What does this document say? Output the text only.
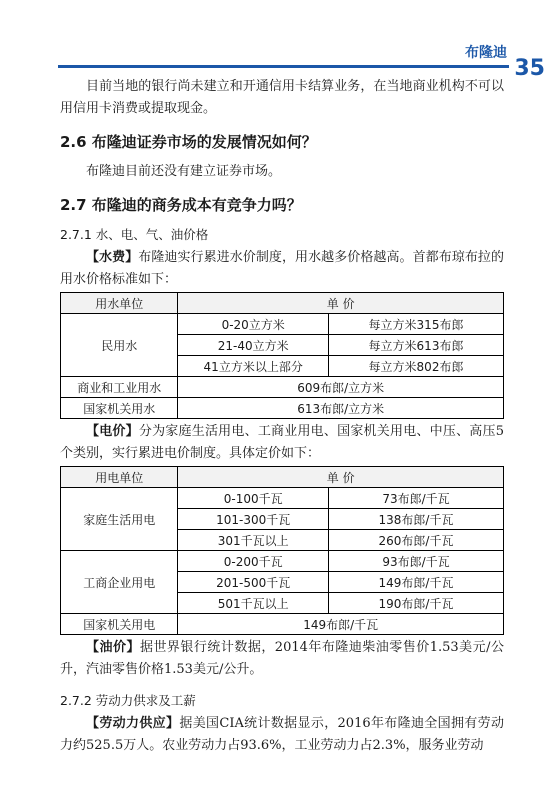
布隆迪
35

目前当地的银行尚未建立和开通信用卡结算业务，在当地商业机构不可以用信用卡消费或提取现金。

2.6 布隆迪证券市场的发展情况如何？

布隆迪目前还没有建立证券市场。

2.7 布隆迪的商务成本有竞争力吗？
2.7.1 水、电、气、油价格

【水费】布隆迪实行累进水价制度，用水越多价格越高。首都布琼布拉的用水价格标准如下：

用水单位	单 价	
民用水	0-20立方米	每立方米315布郎
	21-40立方米	每立方米613布郎
	41立方米以上部分	每立方米802布郎
商业和工业用水	609布郎/立方米	
国家机关用水	613布郎/立方米	

【电价】分为家庭生活用电、工商业用电、国家机关用电、中压、高压5个类别，实行累进电价制度。具体定价如下：

用电单位	单 价	
家庭生活用电	0-100千瓦	73布郎/千瓦
	101-300千瓦	138布郎/千瓦
	301千瓦以上	260布郎/千瓦
工商企业用电	0-200千瓦	93布郎/千瓦
	201-500千瓦	149布郎/千瓦
	501千瓦以上	190布郎/千瓦
国家机关用电	149布郎/千瓦	

【油价】据世界银行统计数据，2014年布隆迪柴油零售价1.53美元/公升，汽油零售价格1.53美元/公升。

2.7.2 劳动力供求及工薪

【劳动力供应】据美国CIA统计数据显示，2016年布隆迪全国拥有劳动力约525.5万人。农业劳动力占93.6%，工业劳动力占2.3%，服务业劳动
